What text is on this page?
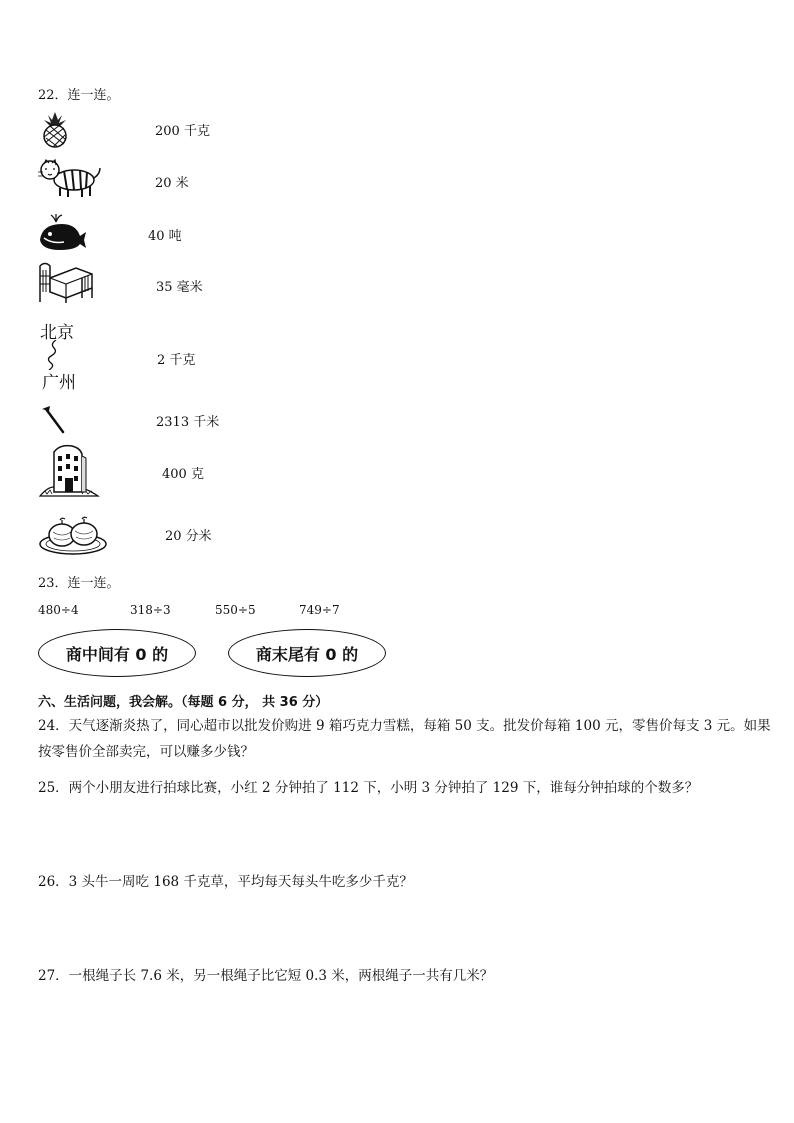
22．连一连。
200 千克
20 米
40 吨
35 毫米
北京
广州
2 千克
2313 千米
400 克
20 分米
23．连一连。
480÷4	318÷3	550÷5	749÷7
商中间有 0 的	商末尾有 0 的
六、生活问题，我会解。（每题 6 分， 共 36 分）
24．天气逐渐炎热了，同心超市以批发价购进 9 箱巧克力雪糕，每箱 50 支。批发价每箱 100 元，零售价每支 3 元。如果按零售价全部卖完，可以赚多少钱？
25．两个小朋友进行拍球比赛，小红 2 分钟拍了 112 下，小明 3 分钟拍了 129 下，谁每分钟拍球的个数多？
26．3 头牛一周吃 168 千克草，平均每天每头牛吃多少千克？
27．一根绳子长 7.6 米，另一根绳子比它短 0.3 米，两根绳子一共有几米？
